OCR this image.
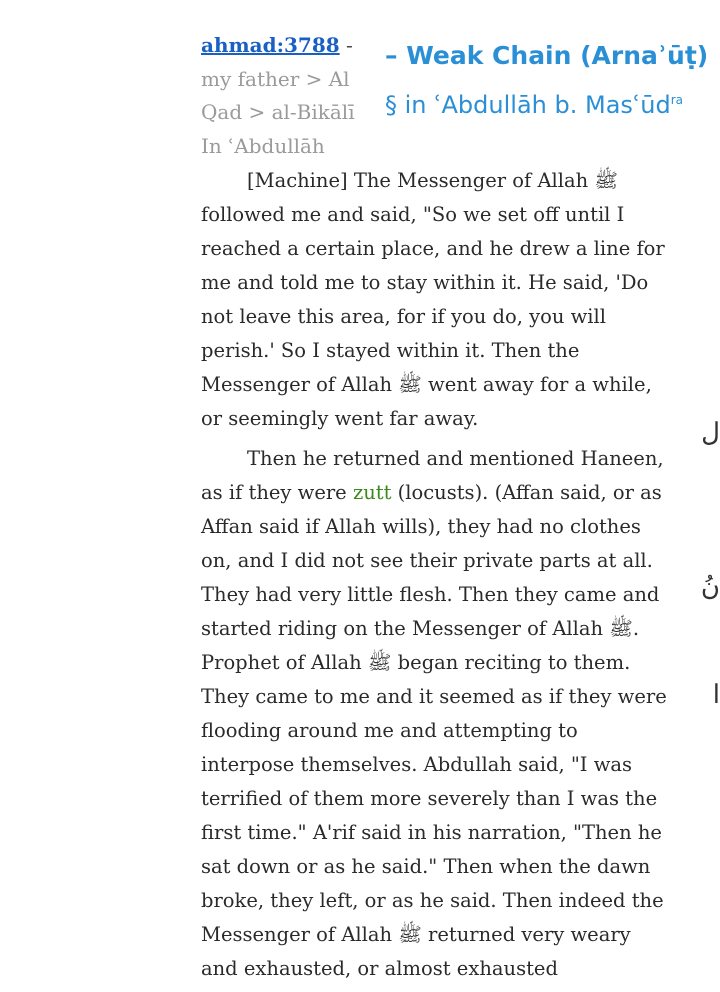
ahmad:3788 -
my father > Al
Qad > al-Bikālī
In ʿAbdullāh
– Weak Chain (Arnaʾūṭ)
§ in ʿAbdullāh b. Masʿūd$^{ra}$

[Machine] The Messenger of Allah ﷺ followed me and said, "So we set off until I reached a certain place, and he drew a line for me and told me to stay within it. He said, 'Do not leave this area, for if you do, you will perish.' So I stayed within it. Then the Messenger of Allah ﷺ went away for a while, or seemingly went far away.

Then he returned and mentioned Haneen, as if they were zutt (locusts). (Affan said, or as Affan said if Allah wills), they had no clothes on, and I did not see their private parts at all. They had very little flesh. Then they came and started riding on the Messenger of Allah ﷺ. Prophet of Allah ﷺ began reciting to them. They came to me and it seemed as if they were flooding around me and attempting to interpose themselves. Abdullah said, "I was terrified of them more severely than I was the first time." A'rif said in his narration, "Then he sat down or as he said." Then when the dawn broke, they left, or as he said. Then indeed the Messenger of Allah ﷺ returned very weary and exhausted, or almost exhausted

ل
نُ
ا
